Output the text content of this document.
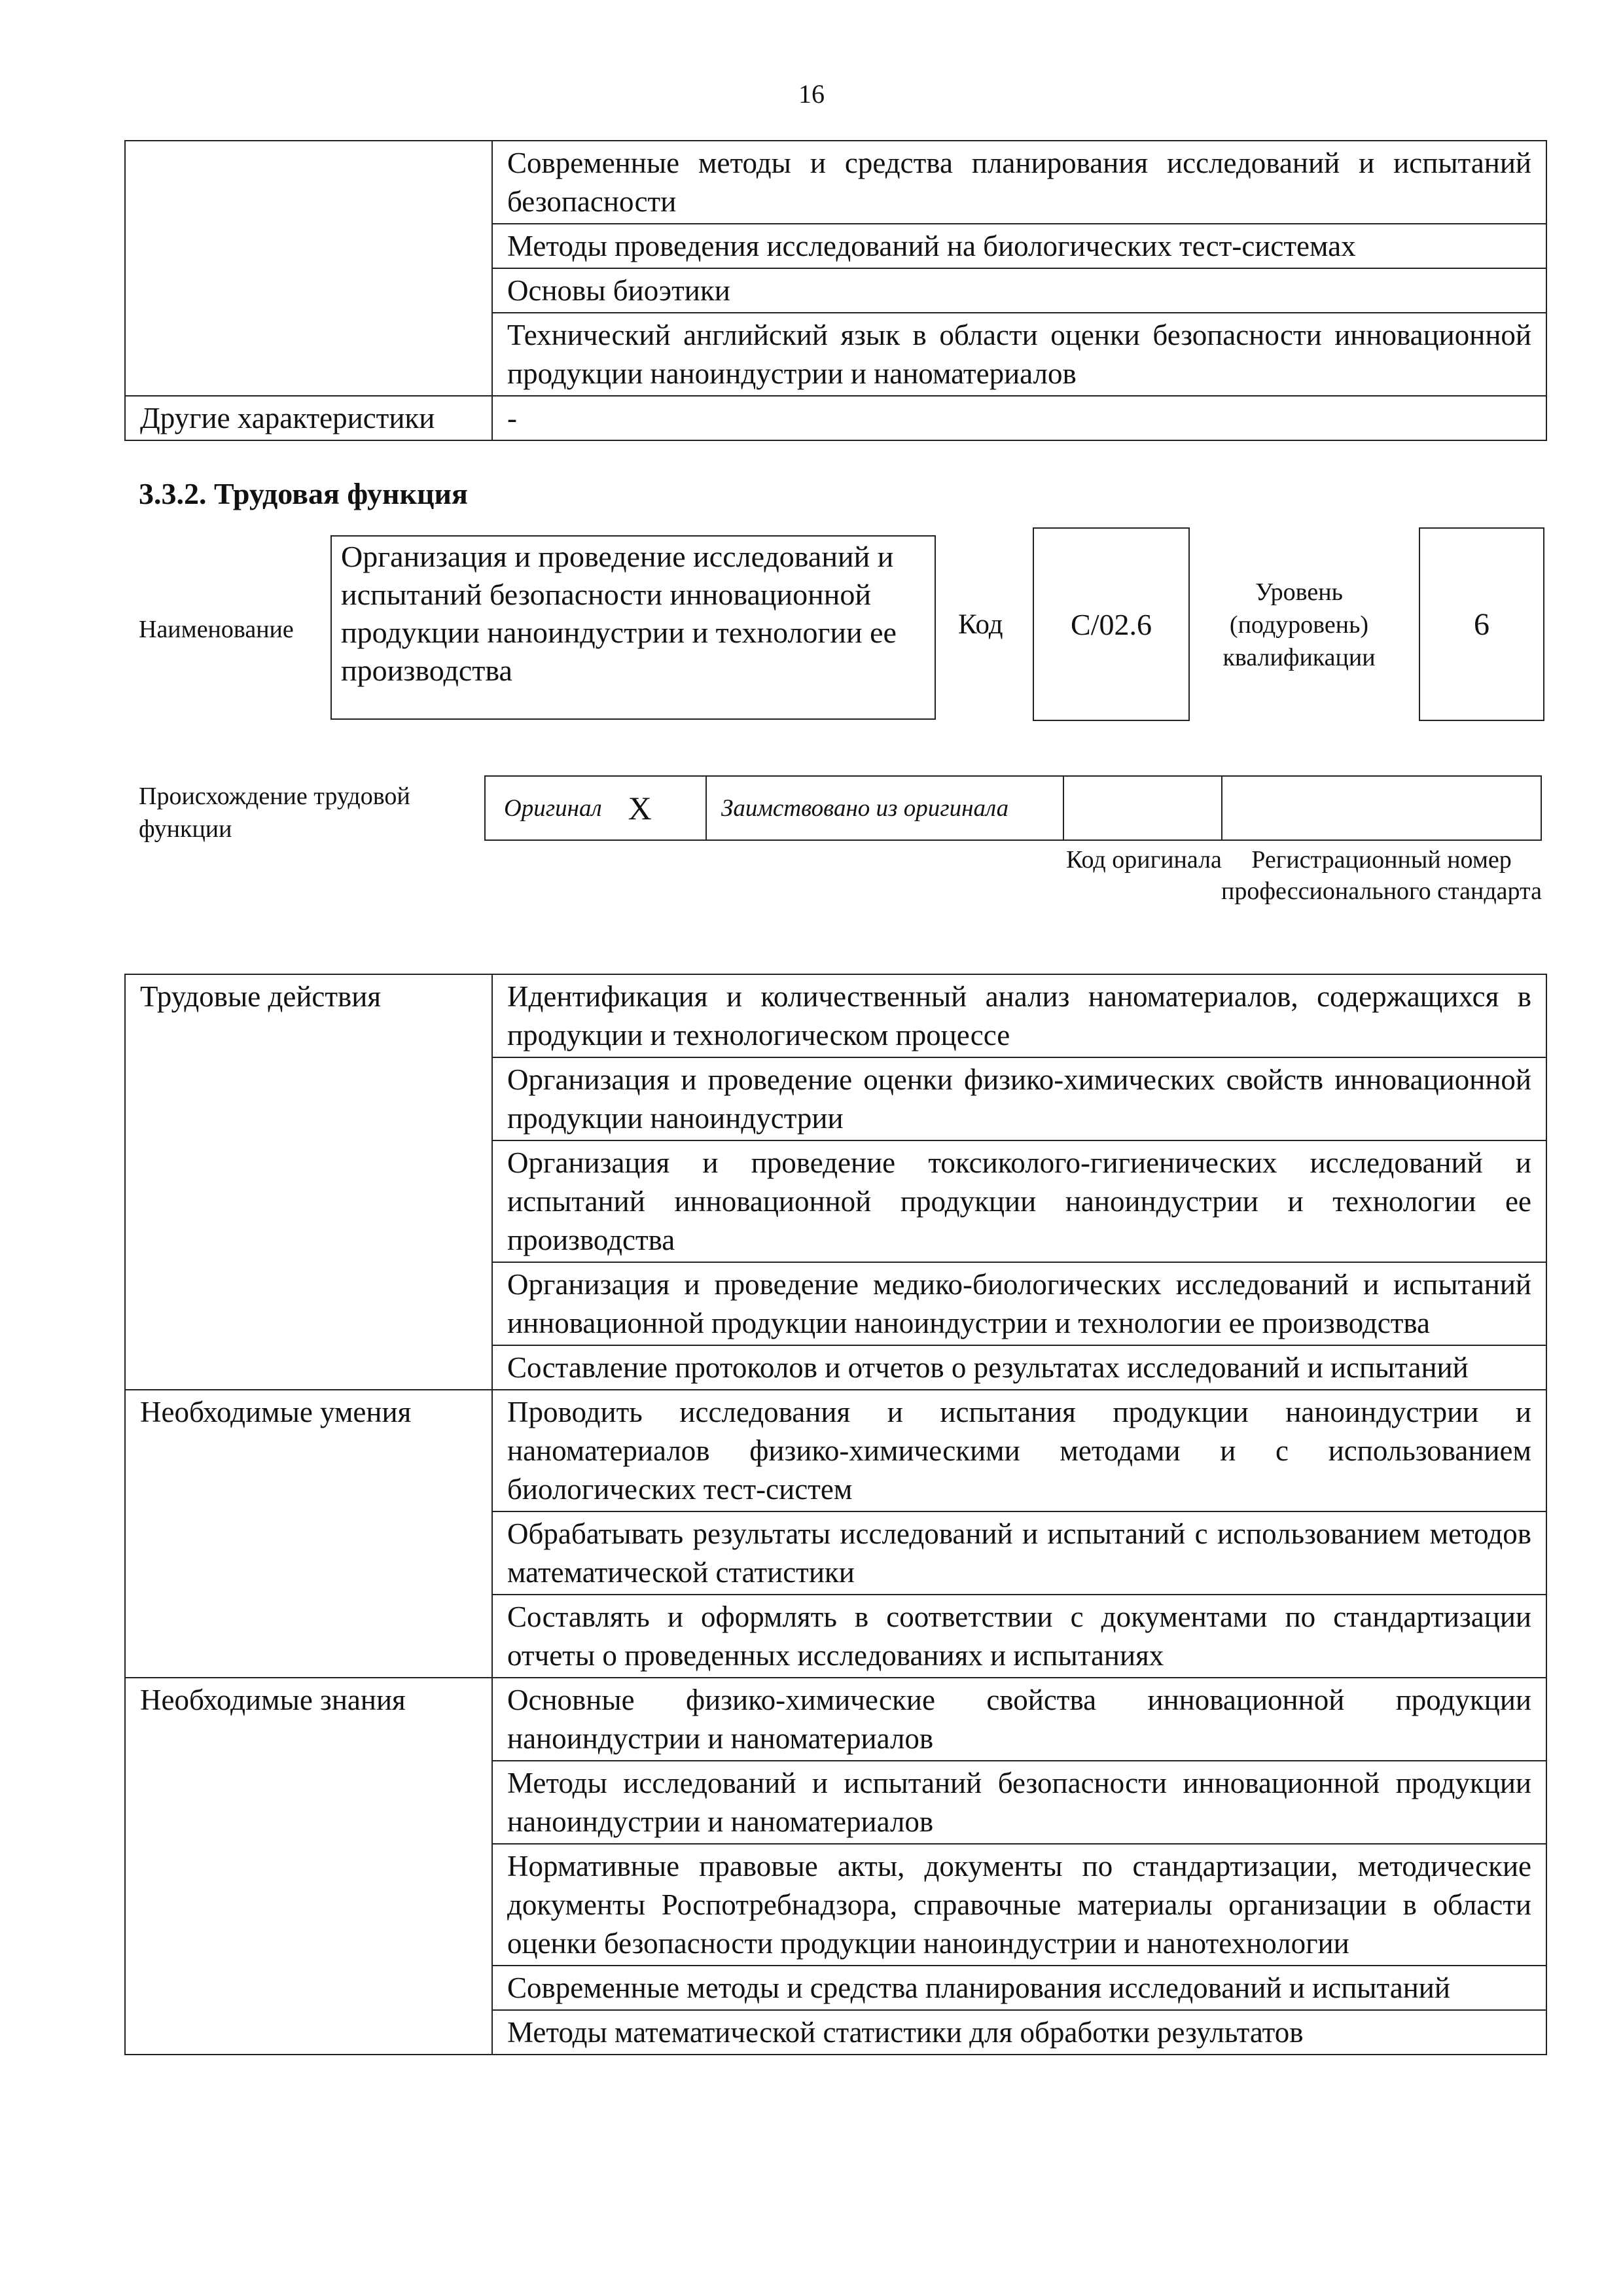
16
	Современные методы и средства планирования исследований и испытаний безопасности
	Методы проведения исследований на биологических тест-системах
	Основы биоэтики
	Технический английский язык в области оценки безопасности инновационной продукции наноиндустрии и наноматериалов
Другие характеристики	-
3.3.2. Трудовая функция
Наименование
Организация и проведение исследований и испытаний безопасности инновационной продукции наноиндустрии и технологии ее производства
Код	С/02.6
Уровень (подуровень) квалификации
6
Происхождение трудовой функции
Оригинал X	Заимствовано из оригинала
Код оригинала	Регистрационный номер профессионального стандарта
Трудовые действия	Идентификация и количественный анализ наноматериалов, содержащихся в продукции и технологическом процессе
	Организация и проведение оценки физико-химических свойств инновационной продукции наноиндустрии
	Организация и проведение токсиколого-гигиенических исследований и испытаний инновационной продукции наноиндустрии и технологии ее производства
	Организация и проведение медико-биологических исследований и испытаний инновационной продукции наноиндустрии и технологии ее производства
	Составление протоколов и отчетов о результатах исследований и испытаний
Необходимые умения	Проводить исследования и испытания продукции наноиндустрии и наноматериалов физико-химическими методами и с использованием биологических тест-систем
	Обрабатывать результаты исследований и испытаний с использованием методов математической статистики
	Составлять и оформлять в соответствии с документами по стандартизации отчеты о проведенных исследованиях и испытаниях
Необходимые знания	Основные физико-химические свойства инновационной продукции наноиндустрии и наноматериалов
	Методы исследований и испытаний безопасности инновационной продукции наноиндустрии и наноматериалов
	Нормативные правовые акты, документы по стандартизации, методические документы Роспотребнадзора, справочные материалы организации в области оценки безопасности продукции наноиндустрии и нанотехнологии
	Современные методы и средства планирования исследований и испытаний
	Методы математической статистики для обработки результатов
